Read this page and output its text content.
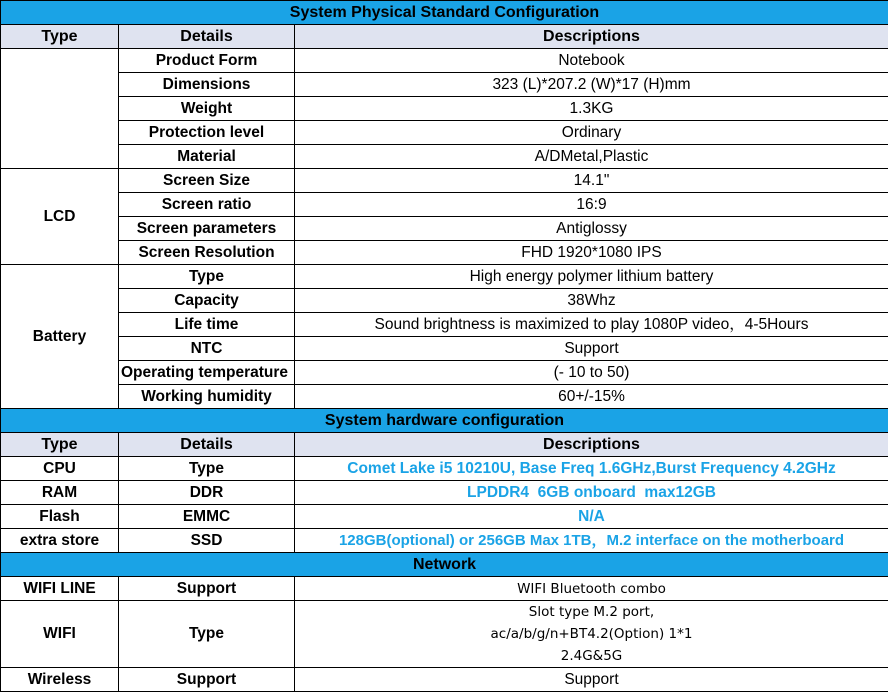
System Physical Standard Configuration		
Type	Details	Descriptions
	Product Form	Notebook
	Dimensions	323 (L)*207.2 (W)*17 (H)mm
	Weight	1.3KG
	Protection level	Ordinary
	Material	A/DMetal,Plastic
LCD	Screen Size	14.1"
	Screen ratio	16:9
	Screen parameters	Antiglossy
	Screen Resolution	FHD 1920*1080 IPS
Battery	Type	High energy polymer lithium battery
	Capacity	38Whz
	Life time	Sound brightness is maximized to play 1080P video，4-5Hours
	NTC	Support
	Operating temperature	(- 10 to 50)
	Working humidity	60+/-15%
System hardware configuration		
Type	Details	Descriptions
CPU	Type	Comet Lake i5 10210U, Base Freq 1.6GHz,Burst Frequency 4.2GHz
RAM	DDR	LPDDR4  6GB onboard  max12GB
Flash	EMMC	N/A
extra store	SSD	128GB(optional) or 256GB Max 1TB，M.2 interface on the motherboard
Network		
WIFI LINE	Support	WIFI Bluetooth combo
WIFI	Type	Slot type M.2 port,
ac/a/b/g/n+BT4.2(Option) 1*1
2.4G&5G

Wireless	Support	Support
